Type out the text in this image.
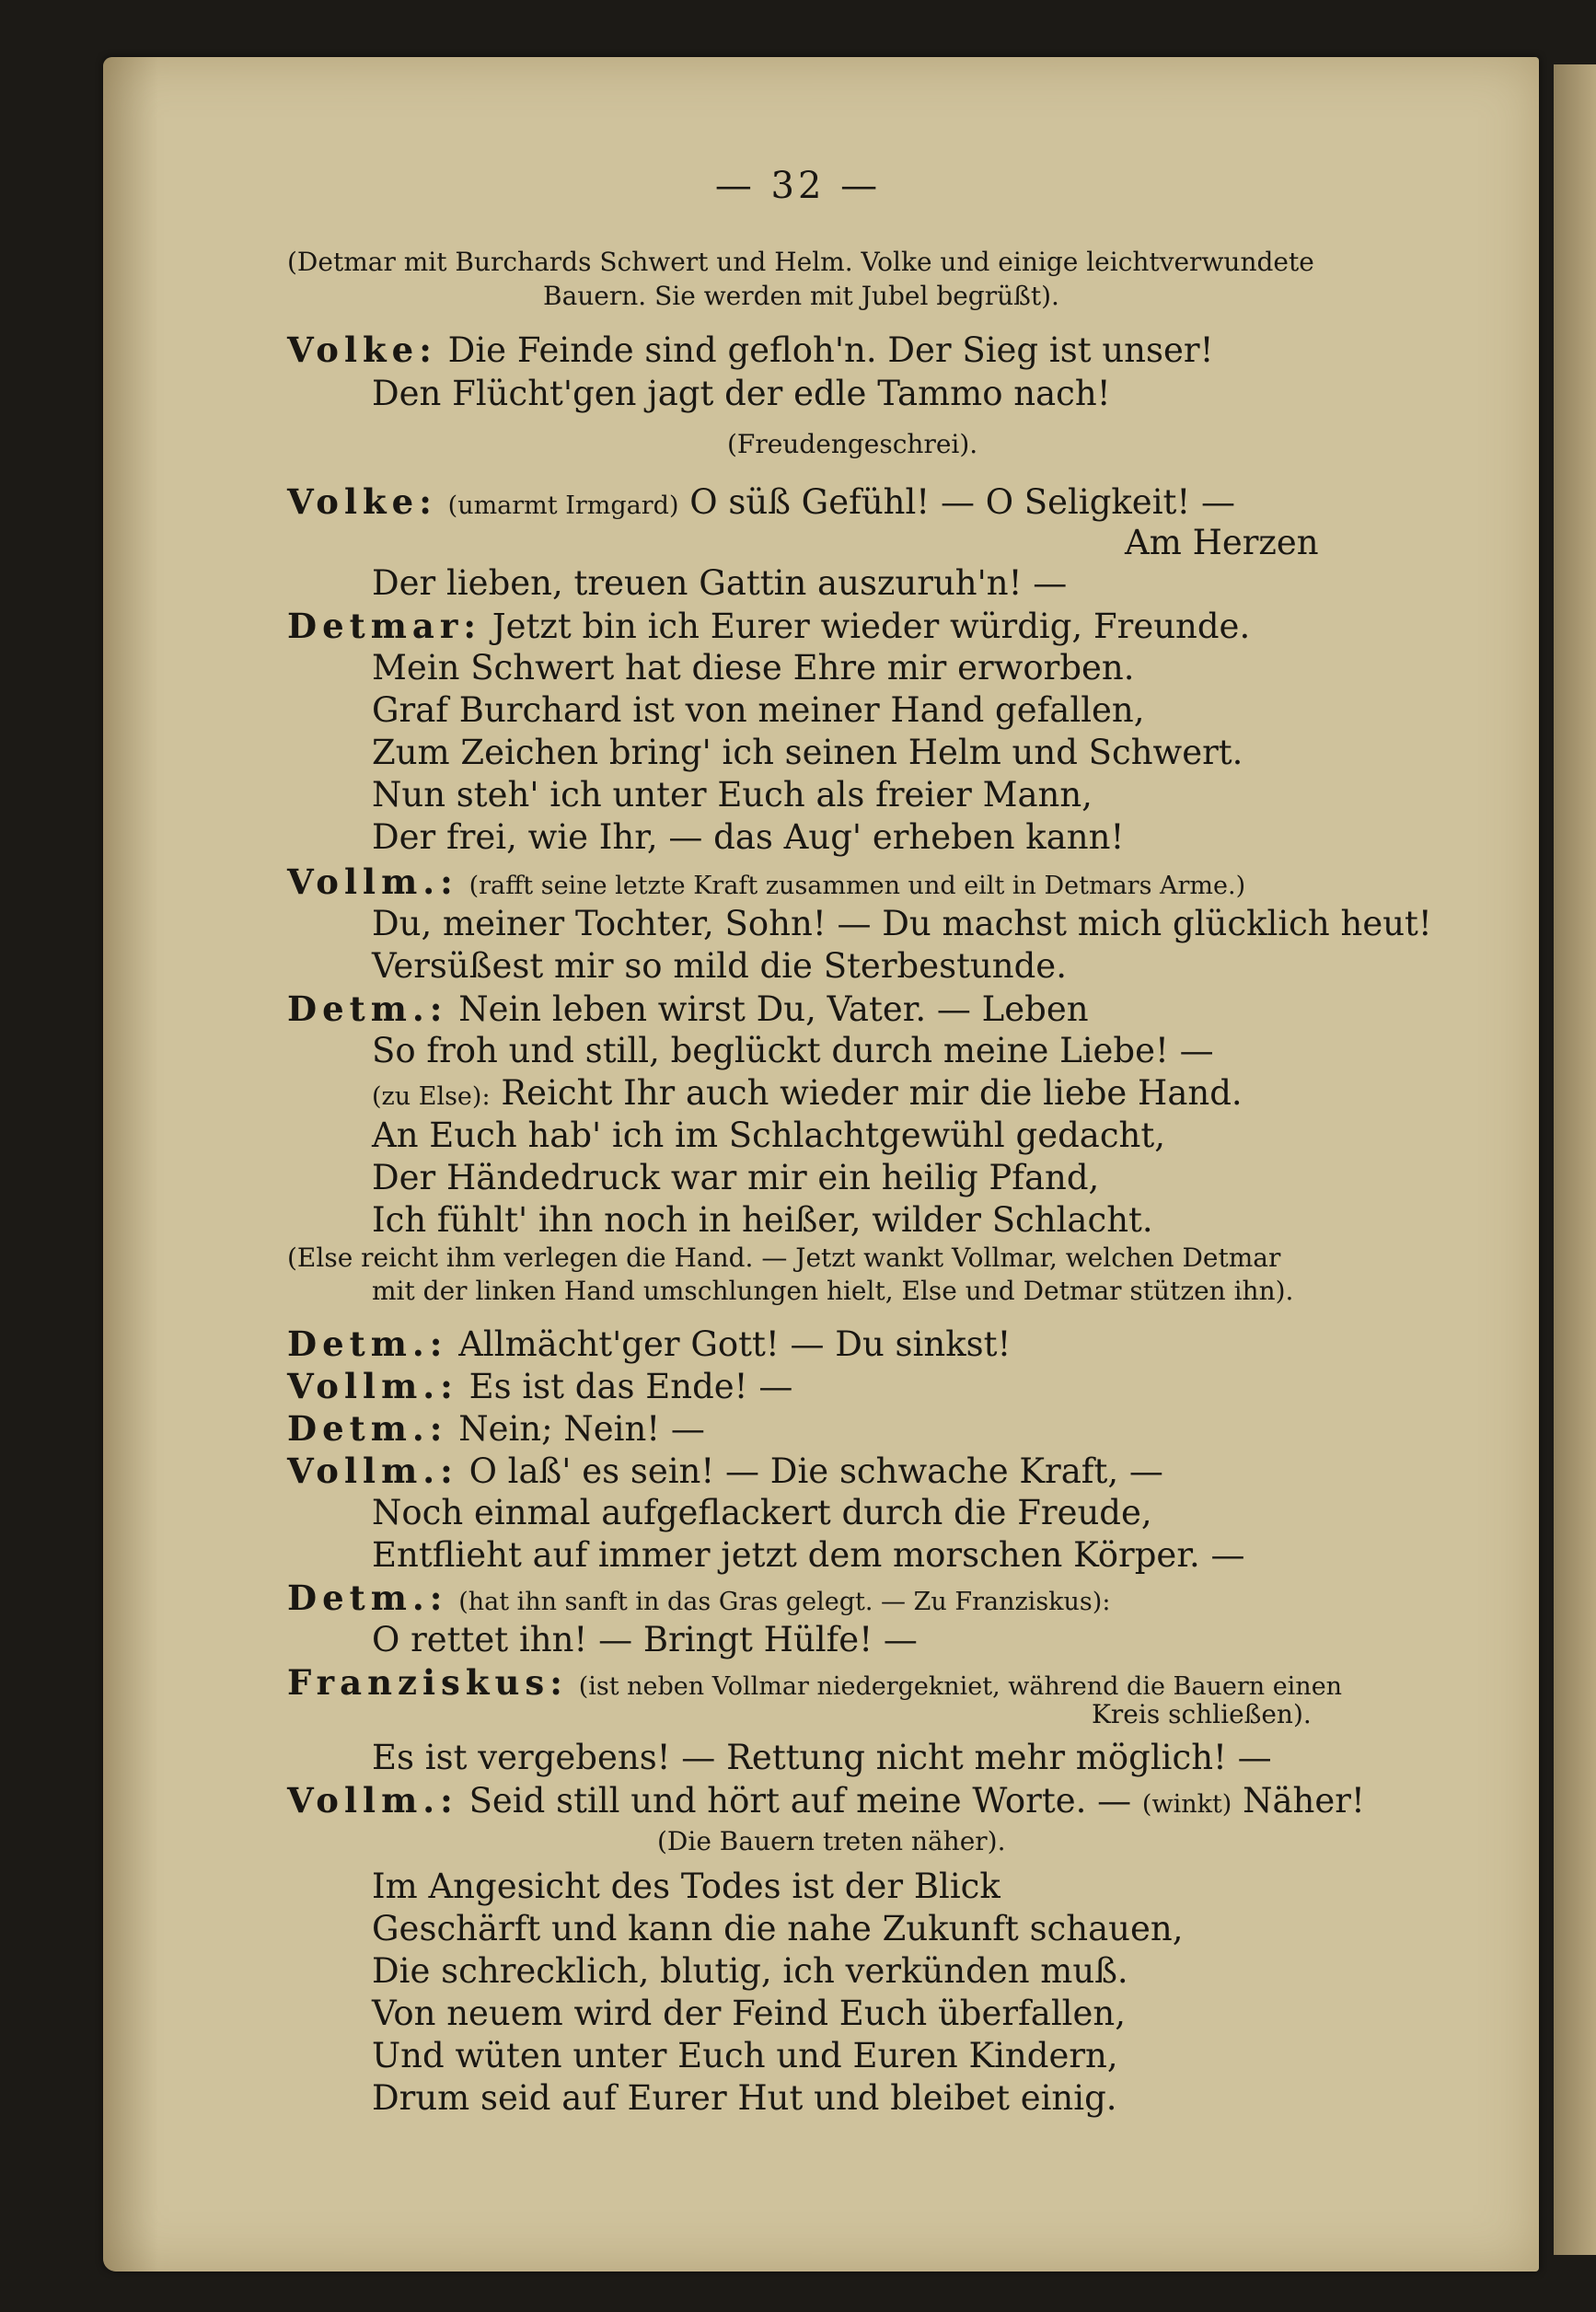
— 32 —
(Detmar mit Burchards Schwert und Helm. Volke und einige leichtverwundete
Bauern. Sie werden mit Jubel begrüßt).
Volke: Die Feinde sind gefloh'n. Der Sieg ist unser!
Den Flücht'gen jagt der edle Tammo nach!
(Freudengeschrei).
Volke: (umarmt Irmgard) O süß Gefühl! — O Seligkeit! —
Am Herzen
Der lieben, treuen Gattin auszuruh'n! —
Detmar: Jetzt bin ich Eurer wieder würdig, Freunde.
Mein Schwert hat diese Ehre mir erworben.
Graf Burchard ist von meiner Hand gefallen,
Zum Zeichen bring' ich seinen Helm und Schwert.
Nun steh' ich unter Euch als freier Mann,
Der frei, wie Ihr, — das Aug' erheben kann!
Vollm.: (rafft seine letzte Kraft zusammen und eilt in Detmars Arme.)
Du, meiner Tochter, Sohn! — Du machst mich glücklich heut!
Versüßest mir so mild die Sterbestunde.
Detm.: Nein leben wirst Du, Vater. — Leben
So froh und still, beglückt durch meine Liebe! —
(zu Else): Reicht Ihr auch wieder mir die liebe Hand.
An Euch hab' ich im Schlachtgewühl gedacht,
Der Händedruck war mir ein heilig Pfand,
Ich fühlt' ihn noch in heißer, wilder Schlacht.
(Else reicht ihm verlegen die Hand. — Jetzt wankt Vollmar, welchen Detmar
mit der linken Hand umschlungen hielt, Else und Detmar stützen ihn).
Detm.: Allmächt'ger Gott! — Du sinkst!
Vollm.: Es ist das Ende! —
Detm.: Nein; Nein! —
Vollm.: O laß' es sein! — Die schwache Kraft, —
Noch einmal aufgeflackert durch die Freude,
Entflieht auf immer jetzt dem morschen Körper. —
Detm.: (hat ihn sanft in das Gras gelegt. — Zu Franziskus):
O rettet ihn! — Bringt Hülfe! —
Franziskus: (ist neben Vollmar niedergekniet, während die Bauern einen
Kreis schließen).
Es ist vergebens! — Rettung nicht mehr möglich! —
Vollm.: Seid still und hört auf meine Worte. — (winkt) Näher!
(Die Bauern treten näher).
Im Angesicht des Todes ist der Blick
Geschärft und kann die nahe Zukunft schauen,
Die schrecklich, blutig, ich verkünden muß.
Von neuem wird der Feind Euch überfallen,
Und wüten unter Euch und Euren Kindern,
Drum seid auf Eurer Hut und bleibet einig.
